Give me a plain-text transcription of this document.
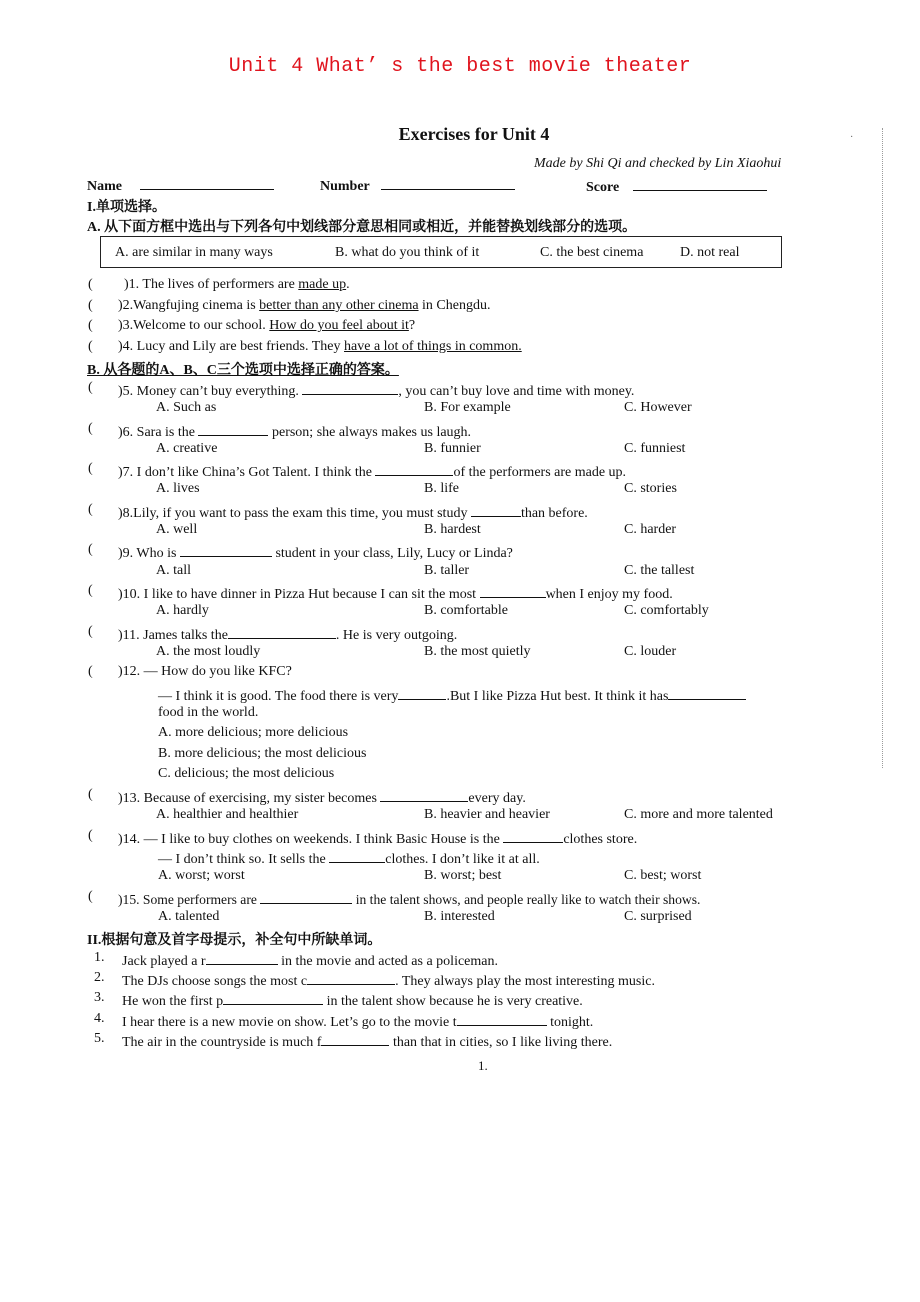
Unit 4 What’ s the best movie theater
Exercises for Unit 4
Made by Shi Qi and checked by Lin Xiaohui
·
Name	Number	Score
I.单项选择。
A. 从下面方框中选出与下列各句中划线部分意思相同或相近，并能替换划线部分的选项。
A. are similar in many ways	B. what do you think of it	C. the best cinema	D. not real
( )1. The lives of performers are made up.
( )2.Wangfujing cinema is better than any other cinema in Chengdu.
( )3.Welcome to our school. How do you feel about it?
( )4. Lucy and Lily are best friends. They have a lot of things in common.
B. 从各题的A、B、C三个选项中选择正确的答案。
( )5. Money can’t buy everything.	, you can’t buy love and time with money.
A. Such as	B. For example	C. However
( )6. Sara is the	person; she always makes us laugh.
A. creative	B. funnier	C. funniest
( )7. I don’t like China’s Got Talent. I think the	of the performers are made up.
A. lives	B. life	C. stories
( )8.Lily, if you want to pass the exam this time, you must study	than before.
A. well	B. hardest	C. harder
( )9. Who is	student in your class, Lily, Lucy or Linda?
A. tall	B. taller	C. the tallest
( )10. I like to have dinner in Pizza Hut because I can sit the most	when I enjoy my food.
A. hardly	B. comfortable	C. comfortably
( )11. James talks the	. He is very outgoing.
A. the most loudly	B. the most quietly	C. louder
( )12. — How do you like KFC?
— I think it is good. The food there is very	.But I like Pizza Hut best. It think it has
food in the world.
A. more delicious; more delicious
B. more delicious; the most delicious
C. delicious; the most delicious
( )13. Because of exercising, my sister becomes	every day.
A. healthier and healthier	B. heavier and heavier	C. more and more talented
( )14. — I like to buy clothes on weekends. I think Basic House is the	clothes store.
— I don’t think so. It sells the	clothes. I don’t like it at all.
A. worst; worst	B. worst; best	C. best; worst
( )15. Some performers are	in the talent shows, and people really like to watch their shows.
A. talented	B. interested	C. surprised
II.根据句意及首字母提示，补全句中所缺单词。
1. Jack played a r	in the movie and acted as a policeman.
2. The DJs choose songs the most c	. They always play the most interesting music.
3. He won the first p	in the talent show because he is very creative.
4. I hear there is a new movie on show. Let’s go to the movie t	tonight.
5. The air in the countryside is much f	than that in cities, so I like living there.
1.
